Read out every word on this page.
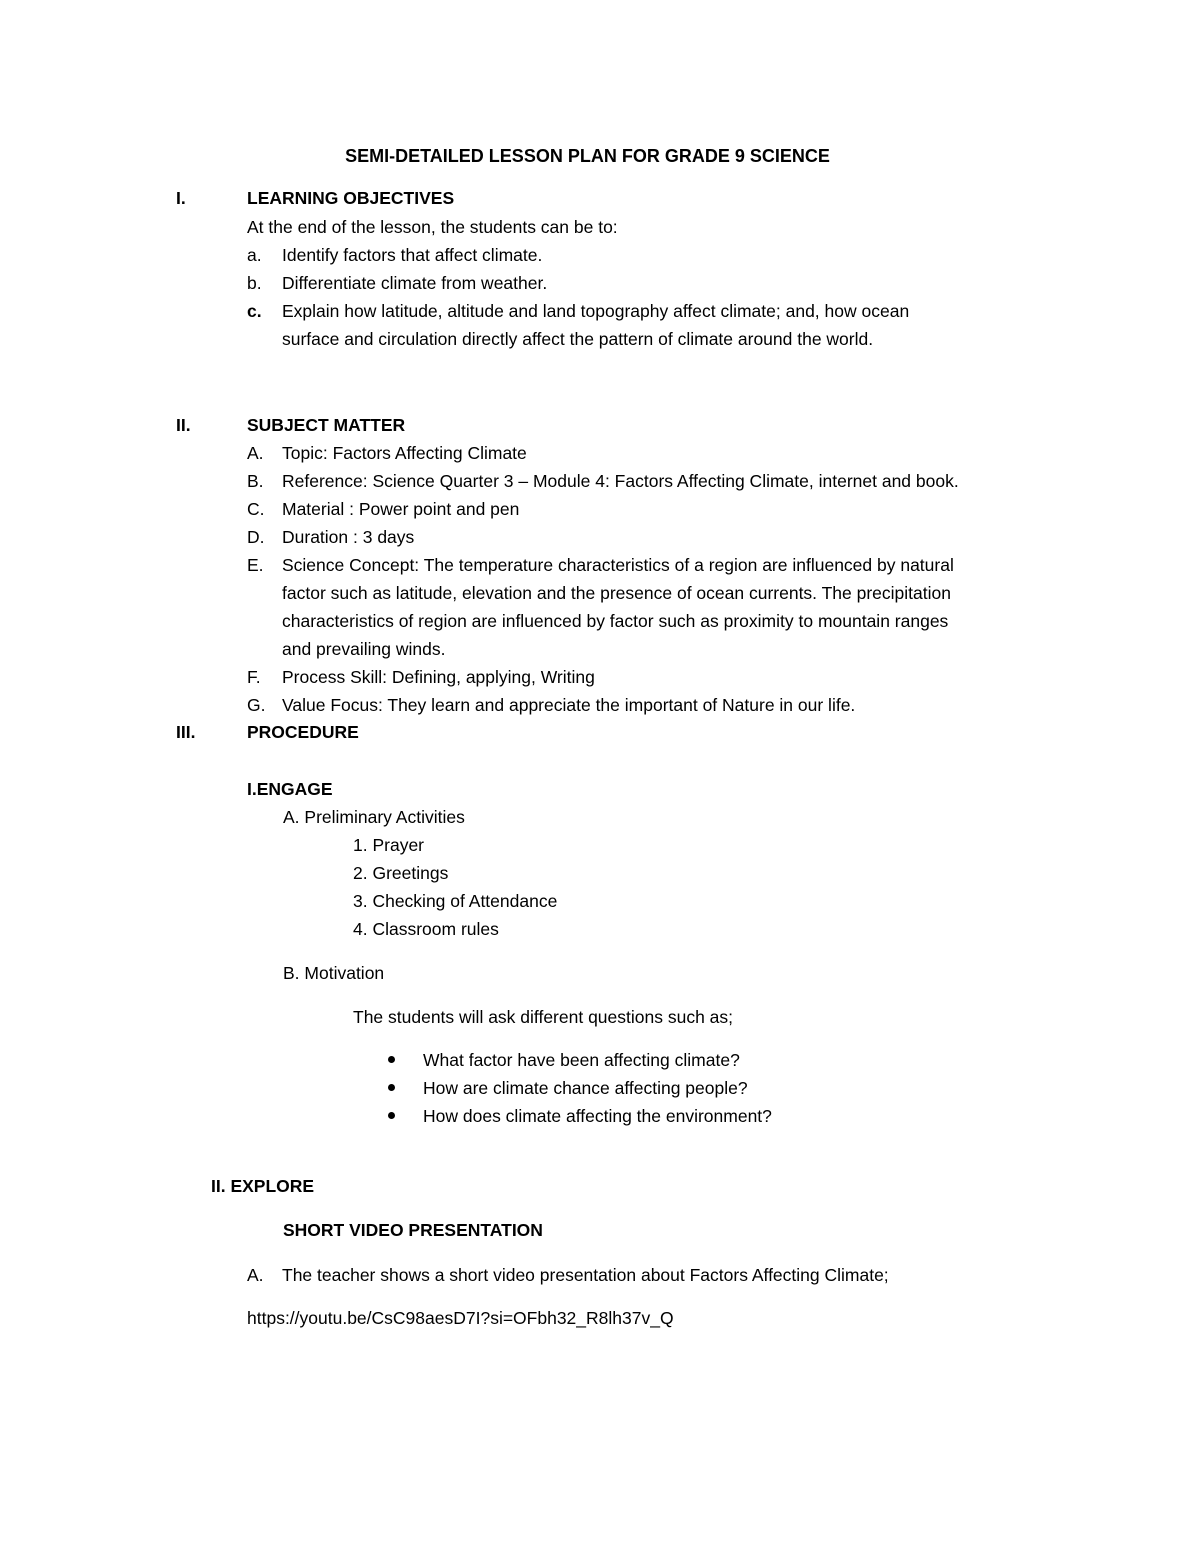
SEMI-DETAILED LESSON PLAN FOR GRADE 9 SCIENCE
I.	LEARNING OBJECTIVES
At the end of the lesson, the students can be to:
a. Identify factors that affect climate.
b. Differentiate climate from weather.
c. Explain how latitude, altitude and land topography affect climate; and, how ocean
surface and circulation directly affect the pattern of climate around the world.
II.	SUBJECT MATTER
A. Topic: Factors Affecting Climate
B. Reference: Science Quarter 3 – Module 4: Factors Affecting Climate, internet and book.
C. Material : Power point and pen
D. Duration : 3 days
E. Science Concept: The temperature characteristics of a region are influenced by natural
factor such as latitude, elevation and the presence of ocean currents. The precipitation
characteristics of region are influenced by factor such as proximity to mountain ranges
and prevailing winds.
F. Process Skill: Defining, applying, Writing
G. Value Focus: They learn and appreciate the important of Nature in our life.
III.	PROCEDURE
I.ENGAGE
A. Preliminary Activities
1. Prayer
2. Greetings
3. Checking of Attendance
4. Classroom rules
B. Motivation
The students will ask different questions such as;
What factor have been affecting climate?
How are climate chance affecting people?
How does climate affecting the environment?
II. EXPLORE
SHORT VIDEO PRESENTATION
A. The teacher shows a short video presentation about Factors Affecting Climate;
https://youtu.be/CsC98aesD7I?si=OFbh32_R8lh37v_Q
